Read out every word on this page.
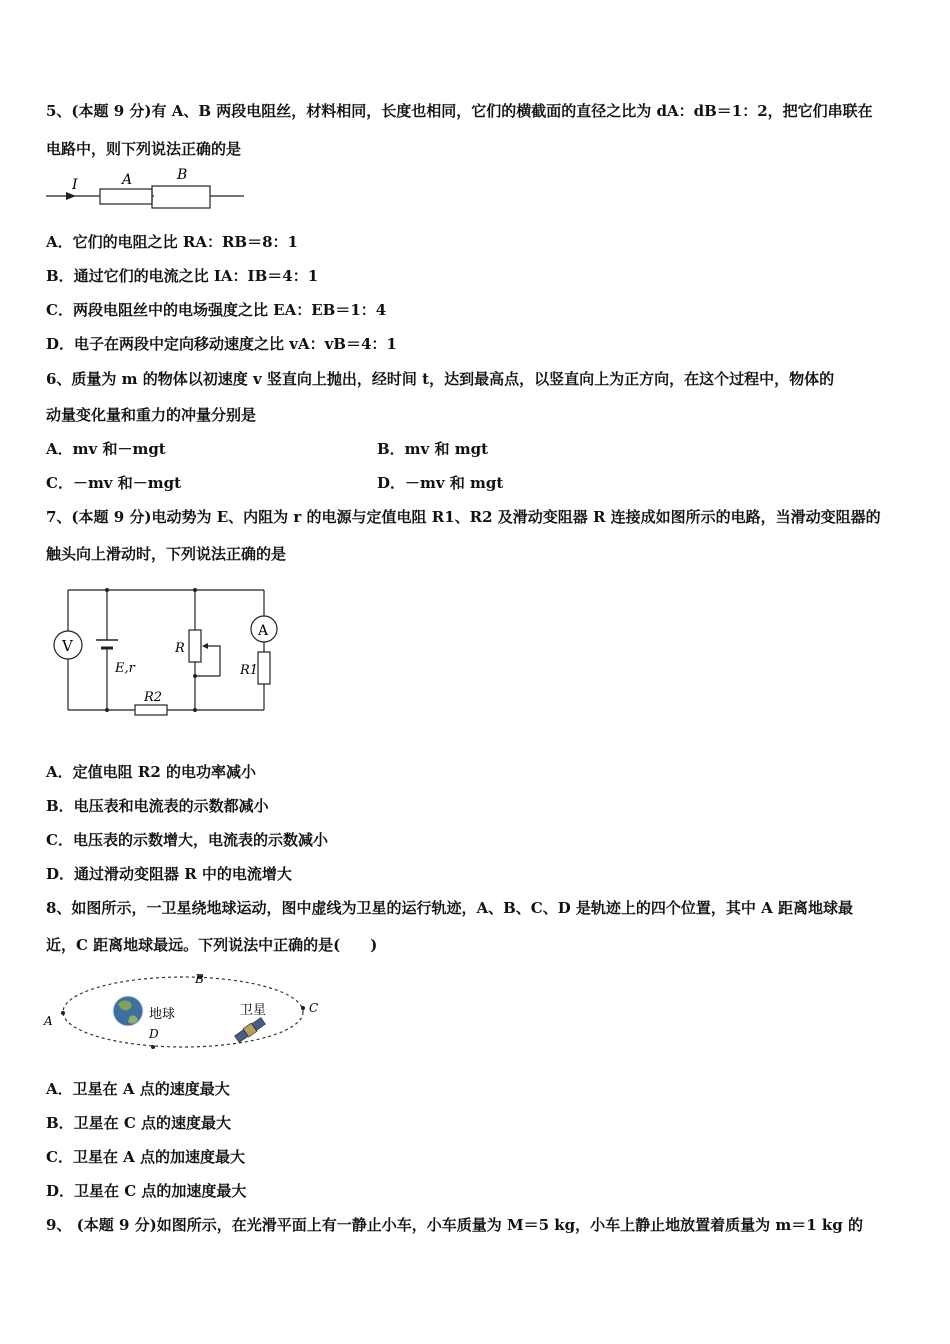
5、(本题 9 分)有 A、B 两段电阻丝，材料相同，长度也相同，它们的横截面的直径之比为 dA：dB＝1：2，把它们串联在
电路中，则下列说法正确的是
I	A	B
A．它们的电阻之比 RA：RB＝8：1
B．通过它们的电流之比 IA：IB＝4：1
C．两段电阻丝中的电场强度之比 EA：EB＝1：4
D．电子在两段中定向移动速度之比 vA：vB＝4：1
6、质量为 m 的物体以初速度 v 竖直向上抛出，经时间 t，达到最高点，以竖直向上为正方向，在这个过程中，物体的
动量变化量和重力的冲量分别是
A．mv 和－mgt	B．mv 和 mgt
C．－mv 和－mgt	D．－mv 和 mgt
7、(本题 9 分)电动势为 E、内阻为 r 的电源与定值电阻 R1、R2 及滑动变阻器 R 连接成如图所示的电路，当滑动变阻器的
触头向上滑动时，下列说法正确的是
V
E,r
R
R2
A
R1
A．定值电阻 R2 的电功率减小
B．电压表和电流表的示数都减小
C．电压表的示数增大，电流表的示数减小
D．通过滑动变阻器 R 中的电流增大
8、如图所示，一卫星绕地球运动，图中虚线为卫星的运行轨迹，A、B、C、D 是轨迹上的四个位置，其中 A 距离地球最
近，C 距离地球最远。下列说法中正确的是(　　)
A
B
C
D
地球	卫星
A．卫星在 A 点的速度最大
B．卫星在 C 点的速度最大
C．卫星在 A 点的加速度最大
D．卫星在 C 点的加速度最大
9、 (本题 9 分)如图所示，在光滑平面上有一静止小车，小车质量为 M＝5 kg，小车上静止地放置着质量为 m＝1 kg 的
